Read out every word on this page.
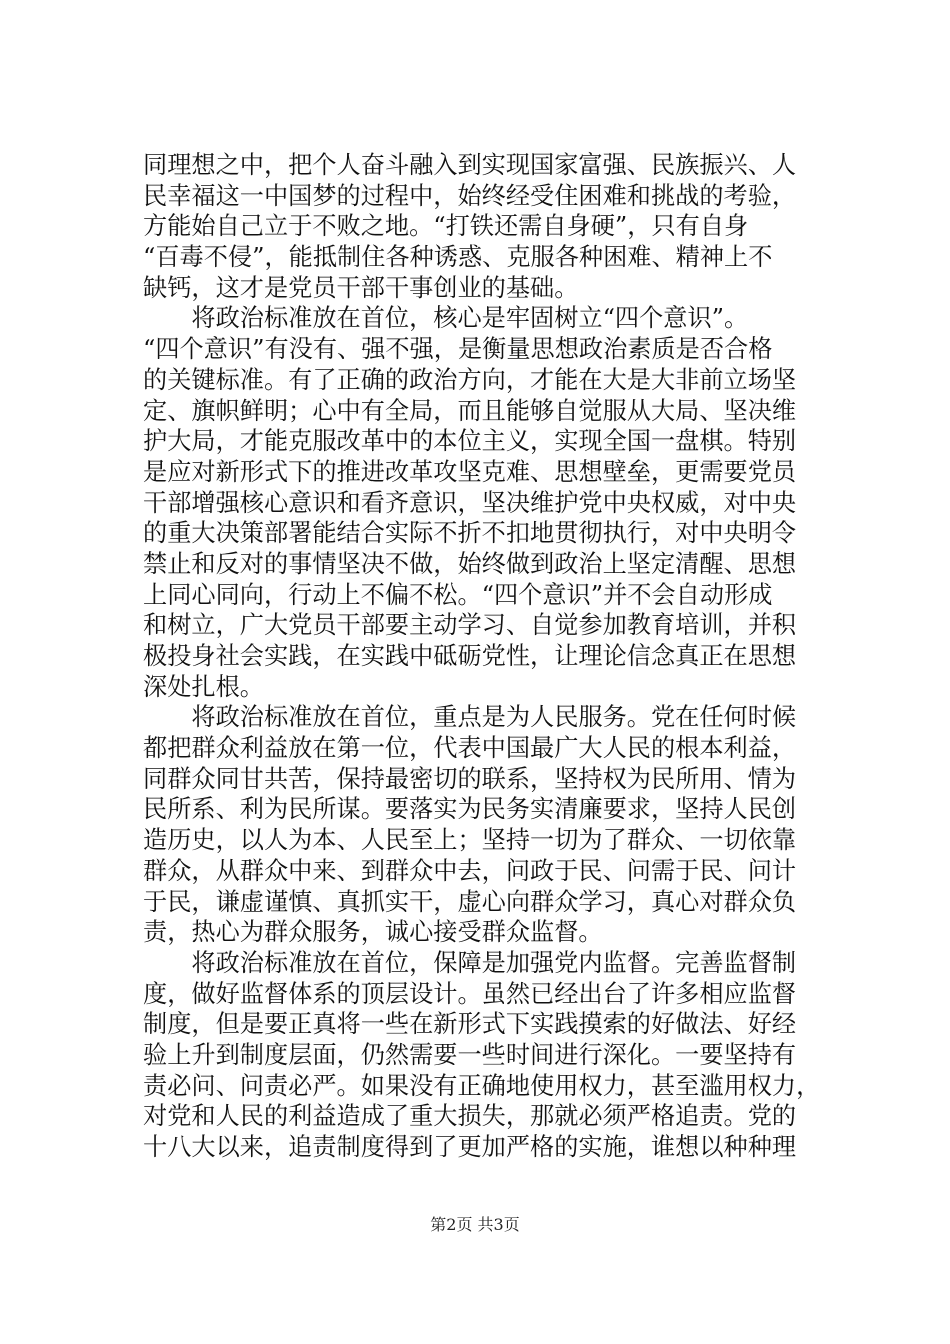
同理想之中，把个人奋斗融入到实现国家富强、民族振兴、人
民幸福这一中国梦的过程中，始终经受住困难和挑战的考验，
方能始自己立于不败之地。“打铁还需自身硬”，只有自身
“百毒不侵”，能抵制住各种诱惑、克服各种困难、精神上不
缺钙，这才是党员干部干事创业的基础。
　　将政治标准放在首位，核心是牢固树立“四个意识”。
“四个意识”有没有、强不强，是衡量思想政治素质是否合格
的关键标准。有了正确的政治方向，才能在大是大非前立场坚
定、旗帜鲜明；心中有全局，而且能够自觉服从大局、坚决维
护大局，才能克服改革中的本位主义，实现全国一盘棋。特别
是应对新形式下的推进改革攻坚克难、思想壁垒，更需要党员
干部增强核心意识和看齐意识，坚决维护党中央权威，对中央
的重大决策部署能结合实际不折不扣地贯彻执行，对中央明令
禁止和反对的事情坚决不做，始终做到政治上坚定清醒、思想
上同心同向，行动上不偏不松。“四个意识”并不会自动形成
和树立，广大党员干部要主动学习、自觉参加教育培训，并积
极投身社会实践，在实践中砥砺党性，让理论信念真正在思想
深处扎根。
　　将政治标准放在首位，重点是为人民服务。党在任何时候
都把群众利益放在第一位，代表中国最广大人民的根本利益，
同群众同甘共苦，保持最密切的联系，坚持权为民所用、情为
民所系、利为民所谋。要落实为民务实清廉要求，坚持人民创
造历史，以人为本、人民至上；坚持一切为了群众、一切依靠
群众，从群众中来、到群众中去，问政于民、问需于民、问计
于民，谦虚谨慎、真抓实干，虚心向群众学习，真心对群众负
责，热心为群众服务，诚心接受群众监督。
　　将政治标准放在首位，保障是加强党内监督。完善监督制
度，做好监督体系的顶层设计。虽然已经出台了许多相应监督
制度，但是要正真将一些在新形式下实践摸索的好做法、好经
验上升到制度层面，仍然需要一些时间进行深化。一要坚持有
责必问、问责必严。如果没有正确地使用权力，甚至滥用权力，
对党和人民的利益造成了重大损失，那就必须严格追责。党的
十八大以来，追责制度得到了更加严格的实施，谁想以种种理
第2页 共3页
